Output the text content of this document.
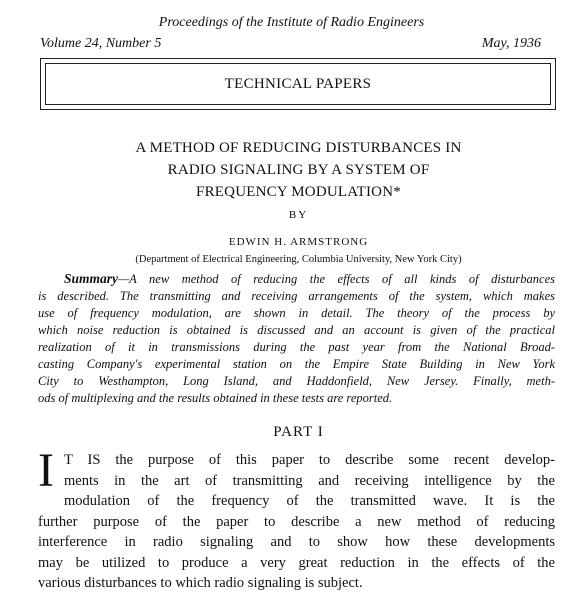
Proceedings of the Institute of Radio Engineers
Volume 24, Number 5	May, 1936
TECHNICAL PAPERS
A METHOD OF REDUCING DISTURBANCES IN
RADIO SIGNALING BY A SYSTEM OF
FREQUENCY MODULATION*
BY
EDWIN H. ARMSTRONG
(Department of Electrical Engineering, Columbia University, New York City)
Summary—A new method of reducing the effects of all kinds of disturbances
is described. The transmitting and receiving arrangements of the system, which makes
use of frequency modulation, are shown in detail. The theory of the process by
which noise reduction is obtained is discussed and an account is given of the practical
realization of it in transmissions during the past year from the National Broad-
casting Company's experimental station on the Empire State Building in New York
City to Westhampton, Long Island, and Haddonfield, New Jersey. Finally, meth-
ods of multiplexing and the results obtained in these tests are reported.
PART I
I T IS the purpose of this paper to describe some recent develop-
ments in the art of transmitting and receiving intelligence by the
modulation of the frequency of the transmitted wave. It is the
further purpose of the paper to describe a new method of reducing
interference in radio signaling and to show how these developments
may be utilized to produce a very great reduction in the effects of the
various disturbances to which radio signaling is subject.
